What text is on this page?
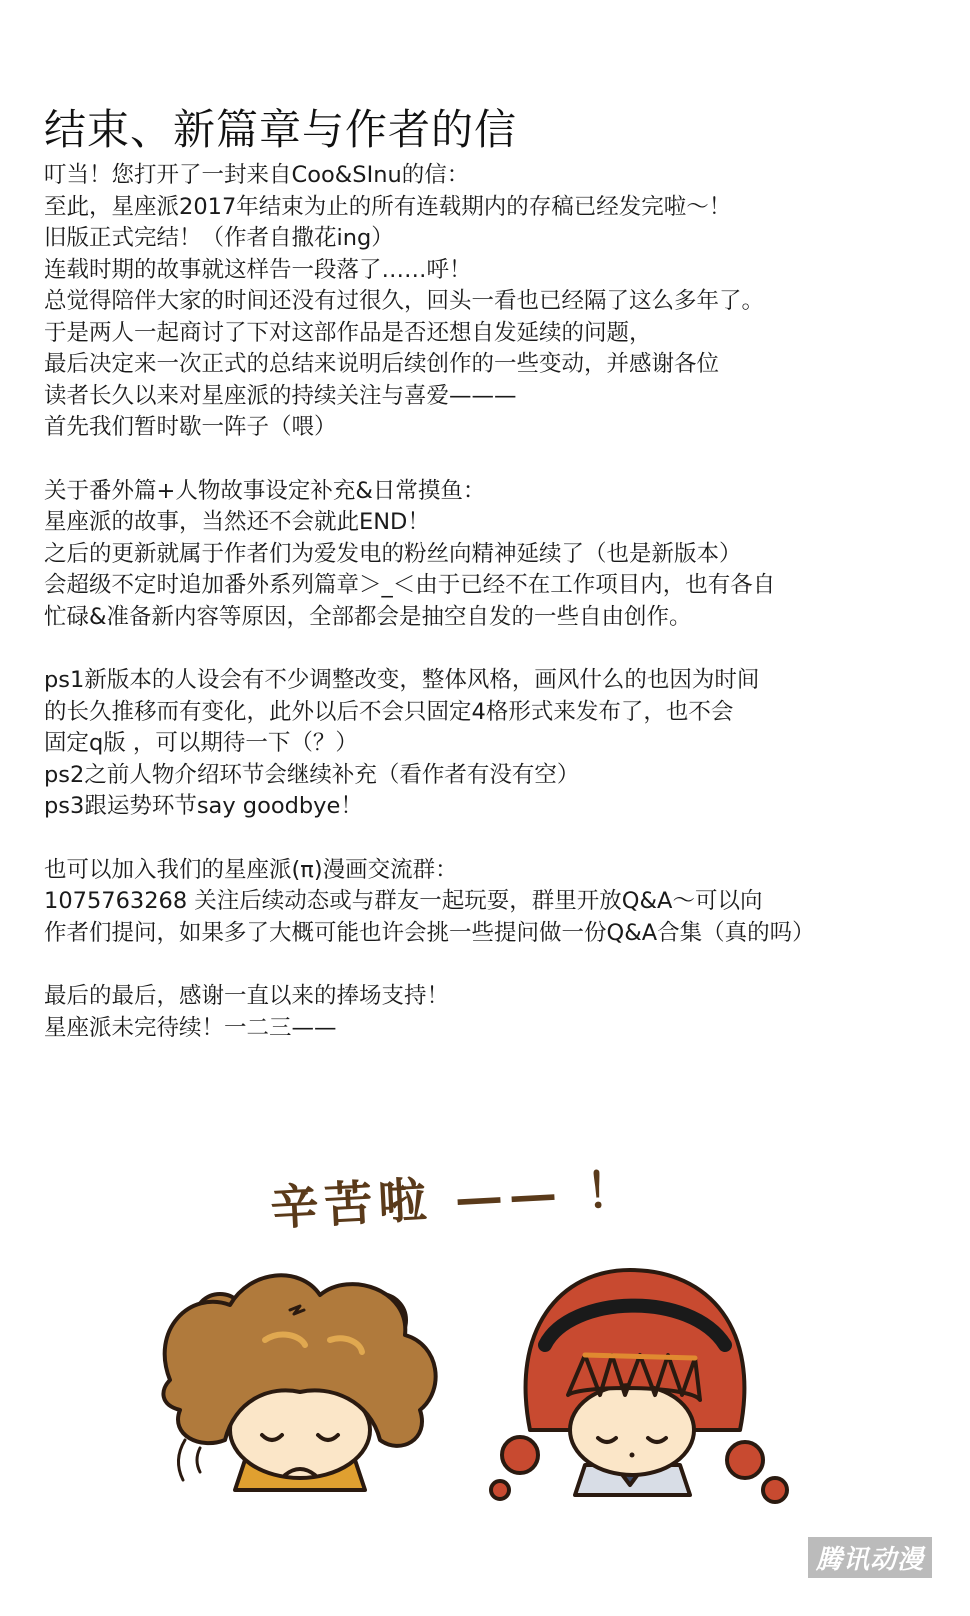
结束、新篇章与作者的信
叮当！您打开了一封来自Coo&SInu的信：
至此，星座派2017年结束为止的所有连载期内的存稿已经发完啦～！
旧版正式完结！（作者自撒花ing）
连载时期的故事就这样告一段落了……呼！
总觉得陪伴大家的时间还没有过很久，回头一看也已经隔了这么多年了。
于是两人一起商讨了下对这部作品是否还想自发延续的问题，
最后决定来一次正式的总结来说明后续创作的一些变动，并感谢各位
读者长久以来对星座派的持续关注与喜爱———
首先我们暂时歇一阵子（喂）
关于番外篇+人物故事设定补充&日常摸鱼：
星座派的故事，当然还不会就此END！
之后的更新就属于作者们为爱发电的粉丝向精神延续了（也是新版本）
会超级不定时追加番外系列篇章＞_＜由于已经不在工作项目内，也有各自
忙碌&准备新内容等原因，全部都会是抽空自发的一些自由创作。
ps1新版本的人设会有不少调整改变，整体风格，画风什么的也因为时间
的长久推移而有变化，此外以后不会只固定4格形式来发布了，也不会
固定q版 ，可以期待一下（？）
ps2之前人物介绍环节会继续补充（看作者有没有空）
ps3跟运势环节say goodbye！
也可以加入我们的星座派(π)漫画交流群：
1075763268 关注后续动态或与群友一起玩耍，群里开放Q&A～可以向
作者们提问，如果多了大概可能也许会挑一些提问做一份Q&A合集（真的吗）
最后的最后，感谢一直以来的捧场支持！
星座派未完待续！一二三——
辛苦啦 —— ！
腾讯动漫
